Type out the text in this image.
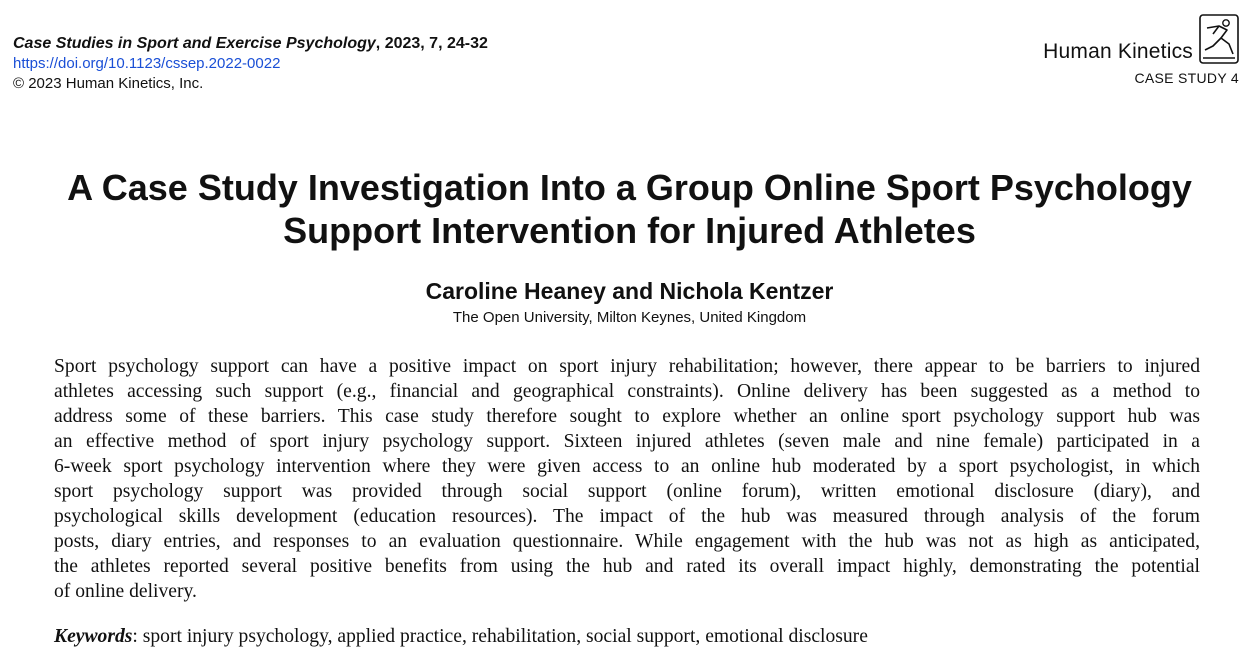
Case Studies in Sport and Exercise Psychology, 2023, 7, 24-32
https://doi.org/10.1123/cssep.2022-0022
© 2023 Human Kinetics, Inc.
Human Kinetics
CASE STUDY 4
A Case Study Investigation Into a Group Online Sport Psychology
Support Intervention for Injured Athletes
Caroline Heaney and Nichola Kentzer
The Open University, Milton Keynes, United Kingdom

Sport psychology support can have a positive impact on sport injury rehabilitation; however, there appear to be barriers to injured
athletes accessing such support (e.g., financial and geographical constraints). Online delivery has been suggested as a method to
address some of these barriers. This case study therefore sought to explore whether an online sport psychology support hub was
an effective method of sport injury psychology support. Sixteen injured athletes (seven male and nine female) participated in a
6-week sport psychology intervention where they were given access to an online hub moderated by a sport psychologist, in which
sport psychology support was provided through social support (online forum), written emotional disclosure (diary), and
psychological skills development (education resources). The impact of the hub was measured through analysis of the forum
posts, diary entries, and responses to an evaluation questionnaire. While engagement with the hub was not as high as anticipated,
the athletes reported several positive benefits from using the hub and rated its overall impact highly, demonstrating the potential
of online delivery.

Keywords: sport injury psychology, applied practice, rehabilitation, social support, emotional disclosure
